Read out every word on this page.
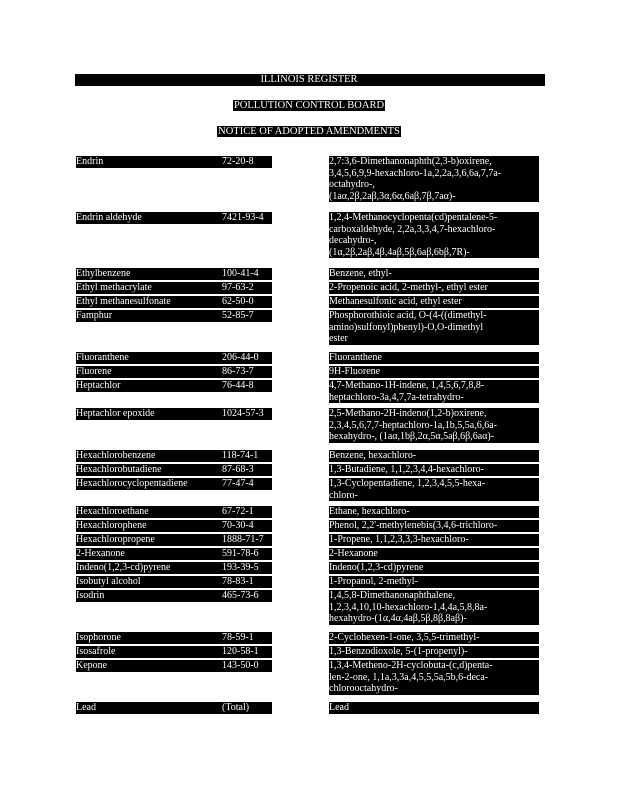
ILLINOIS REGISTER
POLLUTION CONTROL BOARD
NOTICE OF ADOPTED AMENDMENTS
Endrin	72-20-8	2,7:3,6-Dimethanonaphth(2,3-b)oxirene,
3,4,5,6,9,9-hexachloro-1a,2,2a,3,6,6a,7,7a-
octahydro-,
(1aα,2β,2aβ,3α,6α,6aβ,7β,7aα)-
Endrin aldehyde	7421-93-4	1,2,4-Methanocyclopenta(cd)pentalene-5-
carboxaldehyde, 2,2a,3,3,4,7-hexachloro-
decahydro-,
(1α,2β,2aβ,4β,4aβ,5β,6aβ,6bβ,7R)-
Ethylbenzene	100-41-4	Benzene, ethyl-
Ethyl methacrylate	97-63-2	2-Propenoic acid, 2-methyl-, ethyl ester
Ethyl methanesulfonate	62-50-0	Methanesulfonic acid, ethyl ester
Famphur	52-85-7	Phosphorothioic acid, O-(4-((dimethyl-
amino)sulfonyl)phenyl)-O,O-dimethyl
ester
Fluoranthene	206-44-0	Fluoranthene
Fluorene	86-73-7	9H-Fluorene
Heptachlor	76-44-8	4,7-Methano-1H-indene, 1,4,5,6,7,8,8-
heptachloro-3a,4,7,7a-tetrahydro-
Heptachlor epoxide	1024-57-3	2,5-Methano-2H-indeno(1,2-b)oxirene,
2,3,4,5,6,7,7-heptachloro-1a,1b,5,5a,6,6a-
hexahydro-, (1aα,1bβ,2α,5α,5aβ,6β,6aα)-
Hexachlorobenzene	118-74-1	Benzene, hexachloro-
Hexachlorobutadiene	87-68-3	1,3-Butadiene, 1,1,2,3,4,4-hexachloro-
Hexachlorocyclopentadiene	77-47-4	1,3-Cyclopentadiene, 1,2,3,4,5,5-hexa-
chloro-
Hexachloroethane	67-72-1	Ethane, hexachloro-
Hexachlorophene	70-30-4	Phenol, 2,2'-methylenebis(3,4,6-trichloro-
Hexachloropropene	1888-71-7	1-Propene, 1,1,2,3,3,3-hexachloro-
2-Hexanone	591-78-6	2-Hexanone
Indeno(1,2,3-cd)pyrene	193-39-5	Indeno(1,2,3-cd)pyrene
Isobutyl alcohol	78-83-1	1-Propanol, 2-methyl-
Isodrin	465-73-6	1,4,5,8-Dimethanonaphthalene,
1,2,3,4,10,10-hexachloro-1,4,4a,5,8,8a-
hexahydro-(1α,4α,4aβ,5β,8β,8aβ)-
Isophorone	78-59-1	2-Cyclohexen-1-one, 3,5,5-trimethyl-
Isosafrole	120-58-1	1,3-Benzodioxole, 5-(1-propenyl)-
Kepone	143-50-0	1,3,4-Metheno-2H-cyclobuta-(c,d)penta-
len-2-one, 1,1a,3,3a,4,5,5,5a,5b,6-deca-
chlorooctahydro-
Lead	(Total)	Lead
